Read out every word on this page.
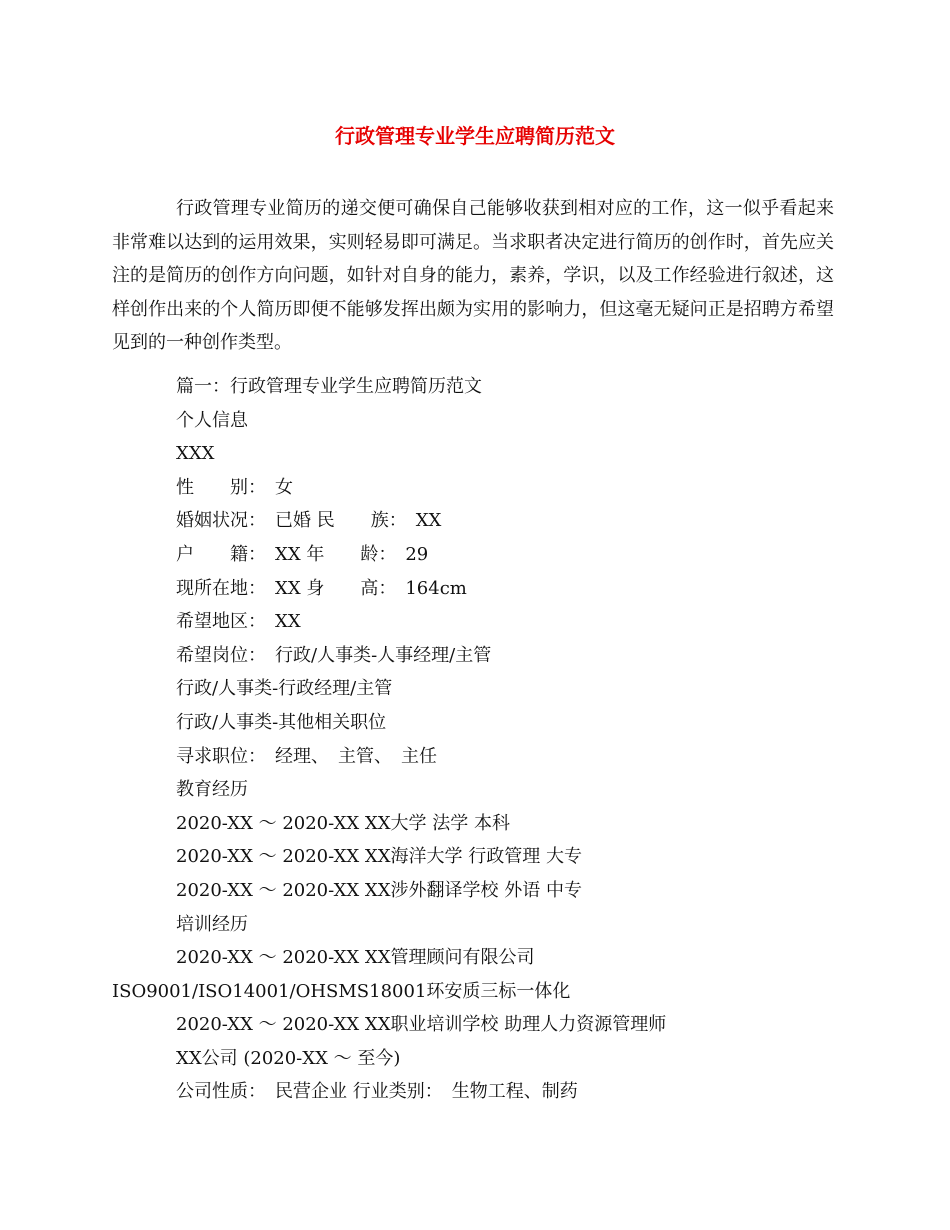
行政管理专业学生应聘简历范文

行政管理专业简历的递交便可确保自己能够收获到相对应的工作，这一似乎看起来非常难以达到的运用效果，实则轻易即可满足。当求职者决定进行简历的创作时，首先应关注的是简历的创作方向问题，如针对自身的能力，素养，学识，以及工作经验进行叙述，这样创作出来的个人简历即便不能够发挥出颇为实用的影响力，但这毫无疑问正是招聘方希望见到的一种创作类型。

篇一：行政管理专业学生应聘简历范文
个人信息
XXX
性　　别：　女
婚姻状况：　已婚 民　　族：　XX
户　　籍：　XX 年　　龄：　29
现所在地：　XX 身　　高：　164cm
希望地区：　XX
希望岗位：　行政/人事类-人事经理/主管
行政/人事类-行政经理/主管
行政/人事类-其他相关职位
寻求职位：　经理、　主管、　主任
教育经历
2020-XX ～ 2020-XX XX大学 法学 本科
2020-XX ～ 2020-XX XX海洋大学 行政管理 大专
2020-XX ～ 2020-XX XX涉外翻译学校 外语 中专
培训经历
2020-XX ～ 2020-XX XX管理顾问有限公司 ISO9001/ISO14001/OHSMS18001环安质三标一体化
2020-XX ～ 2020-XX XX职业培训学校 助理人力资源管理师
XX公司 (2020-XX ～ 至今)
公司性质：　民营企业 行业类别：　生物工程、制药
